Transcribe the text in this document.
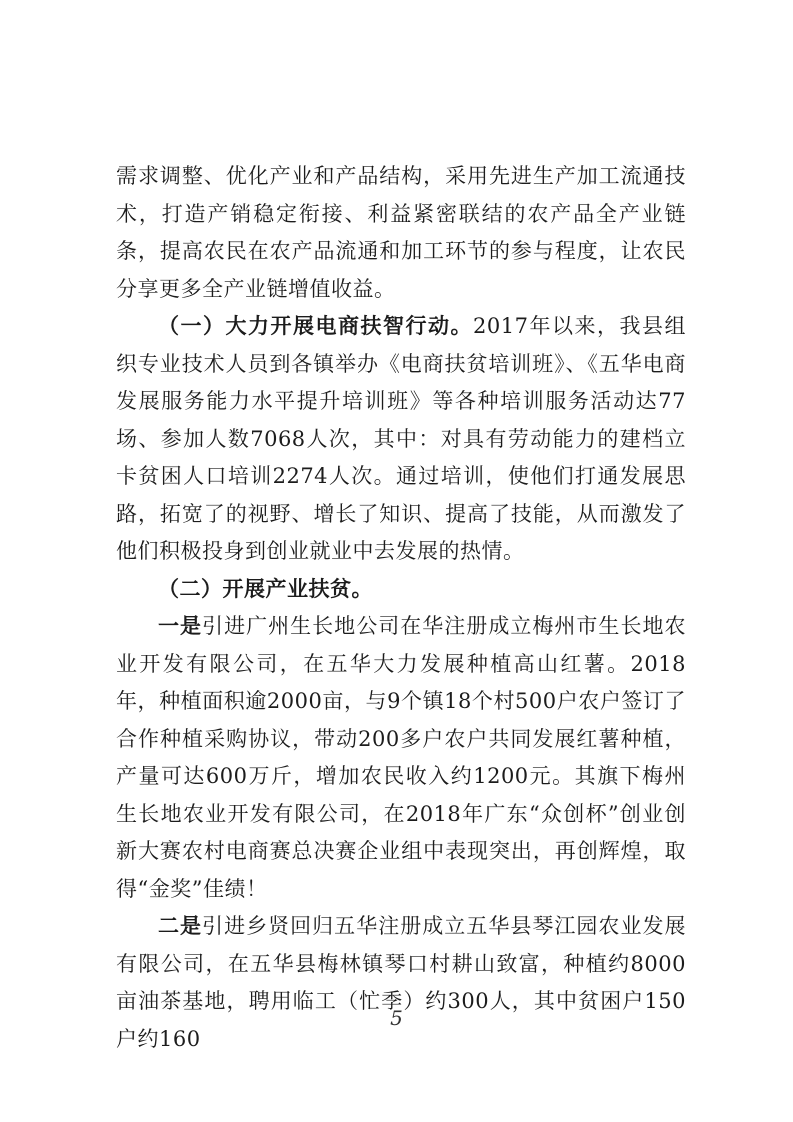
需求调整、优化产业和产品结构，采用先进生产加工流通技术，打造产销稳定衔接、利益紧密联结的农产品全产业链条，提高农民在农产品流通和加工环节的参与程度，让农民分享更多全产业链增值收益。

（一）大力开展电商扶智行动。2017年以来，我县组织专业技术人员到各镇举办《电商扶贫培训班》、《五华电商发展服务能力水平提升培训班》等各种培训服务活动达77场、参加人数7068人次，其中：对具有劳动能力的建档立卡贫困人口培训2274人次。通过培训，使他们打通发展思路，拓宽了的视野、增长了知识、提高了技能，从而激发了他们积极投身到创业就业中去发展的热情。

（二）开展产业扶贫。

一是引进广州生长地公司在华注册成立梅州市生长地农业开发有限公司，在五华大力发展种植高山红薯。2018年，种植面积逾2000亩，与9个镇18个村500户农户签订了合作种植采购协议，带动200多户农户共同发展红薯种植，产量可达600万斤，增加农民收入约1200元。其旗下梅州生长地农业开发有限公司，在2018年广东“众创杯”创业创新大赛农村电商赛总决赛企业组中表现突出，再创辉煌，取得“金奖”佳绩！

二是引进乡贤回归五华注册成立五华县琴江园农业发展有限公司，在五华县梅林镇琴口村耕山致富，种植约8000亩油茶基地，聘用临工（忙季）约300人，其中贫困户150户约160

5
